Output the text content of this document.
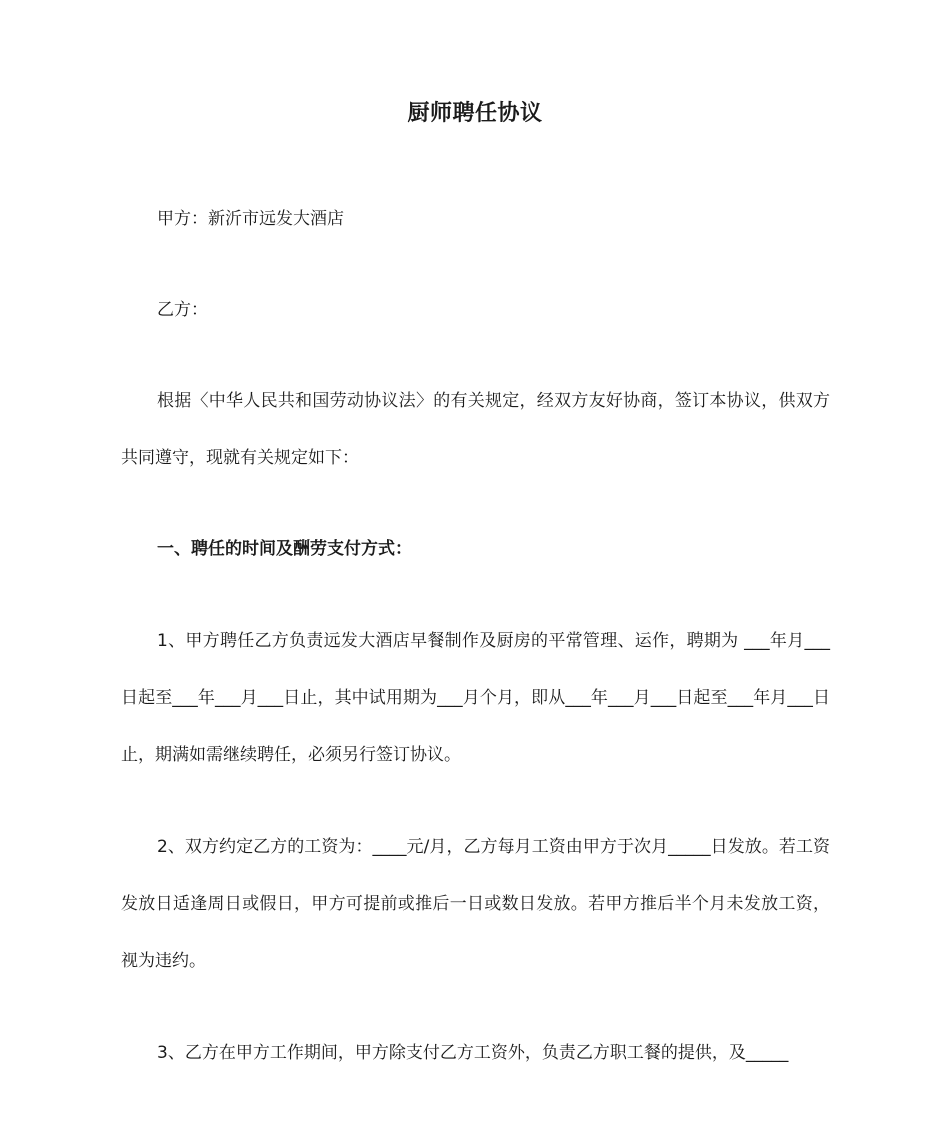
厨师聘任协议

甲方：新沂市远发大酒店

乙方：

根据〈中华人民共和国劳动协议法〉的有关规定，经双方友好协商，签订本协议，供双方共同遵守，现就有关规定如下：

一、聘任的时间及酬劳支付方式：

1、甲方聘任乙方负责远发大酒店早餐制作及厨房的平常管理、运作，聘期为 ___年月___日起至___年___月___日止，其中试用期为___月个月，即从___年___月___日起至___年月___日止，期满如需继续聘任，必须另行签订协议。

2、双方约定乙方的工资为：____元/月，乙方每月工资由甲方于次月_____日发放。若工资发放日适逢周日或假日，甲方可提前或推后一日或数日发放。若甲方推后半个月未发放工资，视为违约。

3、乙方在甲方工作期间，甲方除支付乙方工资外，负责乙方职工餐的提供，及_____
